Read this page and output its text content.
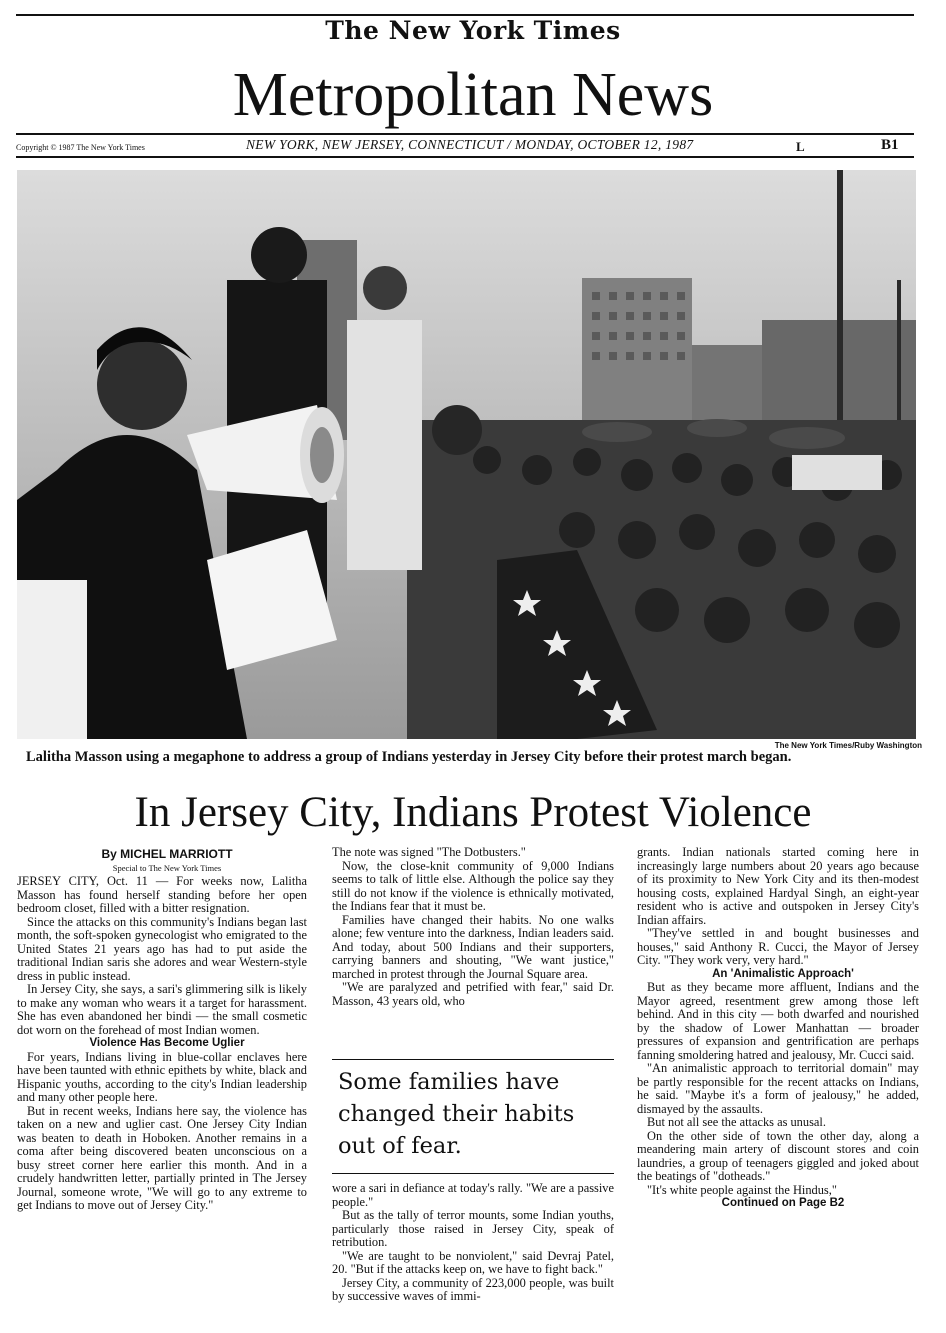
The New York Times
Metropolitan News
Copyright © 1987 The New York Times	NEW YORK, NEW JERSEY, CONNECTICUT / MONDAY, OCTOBER 12, 1987	L	B1
The New York Times/Ruby Washington
Lalitha Masson using a megaphone to address a group of Indians yesterday in Jersey City before their protest march began.
In Jersey City, Indians Protest Violence

By MICHEL MARRIOTT

Special to The New York Times

JERSEY CITY, Oct. 11 — For weeks now, Lalitha Masson has found herself standing before her open bedroom closet, filled with a bitter resignation.

Since the attacks on this community's Indians began last month, the soft-spoken gynecologist who emigrated to the United States 21 years ago has had to put aside the traditional Indian saris she adores and wear Western-style dress in public instead.

In Jersey City, she says, a sari's glimmering silk is likely to make any woman who wears it a target for harassment. She has even abandoned her bindi — the small cosmetic dot worn on the forehead of most Indian women.

Violence Has Become Uglier

For years, Indians living in blue-collar enclaves here have been taunted with ethnic epithets by white, black and Hispanic youths, according to the city's Indian leadership and many other people here.

But in recent weeks, Indians here say, the violence has taken on a new and uglier cast. One Jersey City Indian was beaten to death in Hoboken. Another remains in a coma after being discovered beaten unconscious on a busy street corner here earlier this month. And in a crudely handwritten letter, partially printed in The Jersey Journal, someone wrote, "We will go to any extreme to get Indians to move out of Jersey City."

The note was signed "The Dotbusters."

Now, the close-knit community of 9,000 Indians seems to talk of little else. Although the police say they still do not know if the violence is ethnically motivated, the Indians fear that it must be.

Families have changed their habits. No one walks alone; few venture into the darkness, Indian leaders said. And today, about 500 Indians and their supporters, carrying banners and shouting, "We want justice," marched in protest through the Journal Square area.

"We are paralyzed and petrified with fear," said Dr. Masson, 43 years old, who

Some families have changed their habits out of fear.

wore a sari in defiance at today's rally. "We are a passive people."

But as the tally of terror mounts, some Indian youths, particularly those raised in Jersey City, speak of retribution.

"We are taught to be nonviolent," said Devraj Patel, 20. "But if the attacks keep on, we have to fight back."

Jersey City, a community of 223,000 people, was built by successive waves of immi-

grants. Indian nationals started coming here in increasingly large numbers about 20 years ago because of its proximity to New York City and its then-modest housing costs, explained Hardyal Singh, an eight-year resident who is active and outspoken in Jersey City's Indian affairs.

"They've settled in and bought businesses and houses," said Anthony R. Cucci, the Mayor of Jersey City. "They work very, very hard."

An 'Animalistic Approach'

But as they became more affluent, Indians and the Mayor agreed, resentment grew among those left behind. And in this city — both dwarfed and nourished by the shadow of Lower Manhattan — broader pressures of expansion and gentrification are perhaps fanning smoldering hatred and jealousy, Mr. Cucci said.

"An animalistic approach to territorial domain" may be partly responsible for the recent attacks on Indians, he said. "Maybe it's a form of jealousy," he added, dismayed by the assaults.

But not all see the attacks as unusal.

On the other side of town the other day, along a meandering main artery of discount stores and coin laundries, a group of teenagers giggled and joked about the beatings of "dotheads."

"It's white people against the Hindus,"

Continued on Page B2
